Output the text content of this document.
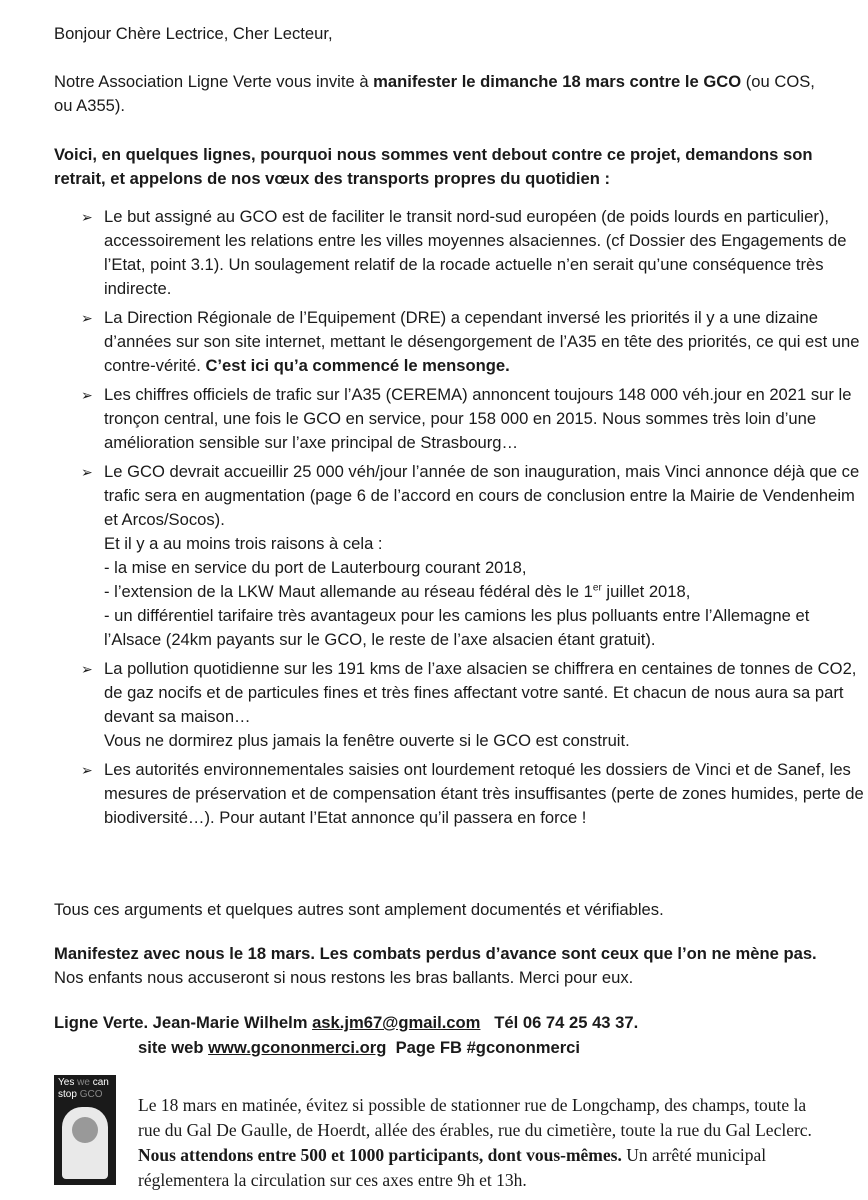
Bonjour Chère Lectrice, Cher Lecteur,

Notre Association Ligne Verte vous invite à manifester le dimanche 18 mars contre le GCO (ou COS, ou A355).

Voici, en quelques lignes, pourquoi nous sommes vent debout contre ce projet, demandons son retrait, et appelons de nos vœux des transports propres du quotidien :

➢ Le but assigné au GCO est de faciliter le transit nord-sud européen (de poids lourds en particulier), accessoirement les relations entre les villes moyennes alsaciennes. (cf Dossier des Engagements de l’Etat, point 3.1). Un soulagement relatif de la rocade actuelle n’en serait qu’une conséquence très indirecte.
➢ La Direction Régionale de l’Equipement (DRE) a cependant inversé les priorités il y a une dizaine d’années sur son site internet, mettant le désengorgement de l’A35 en tête des priorités, ce qui est une contre-vérité. C’est ici qu’a commencé le mensonge.
➢ Les chiffres officiels de trafic sur l’A35 (CEREMA) annoncent toujours 148 000 véh.jour en 2021 sur le tronçon central, une fois le GCO en service, pour 158 000 en 2015. Nous sommes très loin d’une amélioration sensible sur l’axe principal de Strasbourg…
➢ Le GCO devrait accueillir 25 000 véh/jour l’année de son inauguration, mais Vinci annonce déjà que ce trafic sera en augmentation (page 6 de l’accord en cours de conclusion entre la Mairie de Vendenheim et Arcos/Socos).
Et il y a au moins trois raisons à cela :
- la mise en service du port de Lauterbourg courant 2018,
- l’extension de la LKW Maut allemande au réseau fédéral dès le 1er juillet 2018,
- un différentiel tarifaire très avantageux pour les camions les plus polluants entre l’Allemagne et l’Alsace (24km payants sur le GCO, le reste de l’axe alsacien étant gratuit).
➢ La pollution quotidienne sur les 191 kms de l’axe alsacien se chiffrera en centaines de tonnes de CO2, de gaz nocifs et de particules fines et très fines affectant votre santé. Et chacun de nous aura sa part devant sa maison…
Vous ne dormirez plus jamais la fenêtre ouverte si le GCO est construit.
➢ Les autorités environnementales saisies ont lourdement retoqué les dossiers de Vinci et de Sanef, les mesures de préservation et de compensation étant très insuffisantes (perte de zones humides, perte de biodiversité…). Pour autant l’Etat annonce qu’il passera en force !

Tous ces arguments et quelques autres sont amplement documentés et vérifiables.

Manifestez avec nous le 18 mars. Les combats perdus d’avance sont ceux que l’on ne mène pas.

Nos enfants nous accuseront si nous restons les bras ballants. Merci pour eux.

Ligne Verte. Jean-Marie Wilhelm ask.jm67@gmail.com Tél 06 74 25 43 37.

site web www.gcononmerci.org Page FB #gcononmerci

Yes we can
stop GCO Le 18 mars en matinée, évitez si possible de stationner rue de Longchamp, des champs, toute la rue du Gal De Gaulle, de Hoerdt, allée des érables, rue du cimetière, toute la rue du Gal Leclerc. Nous attendons entre 500 et 1000 participants, dont vous-mêmes. Un arrêté municipal réglementera la circulation sur ces axes entre 9h et 13h.
